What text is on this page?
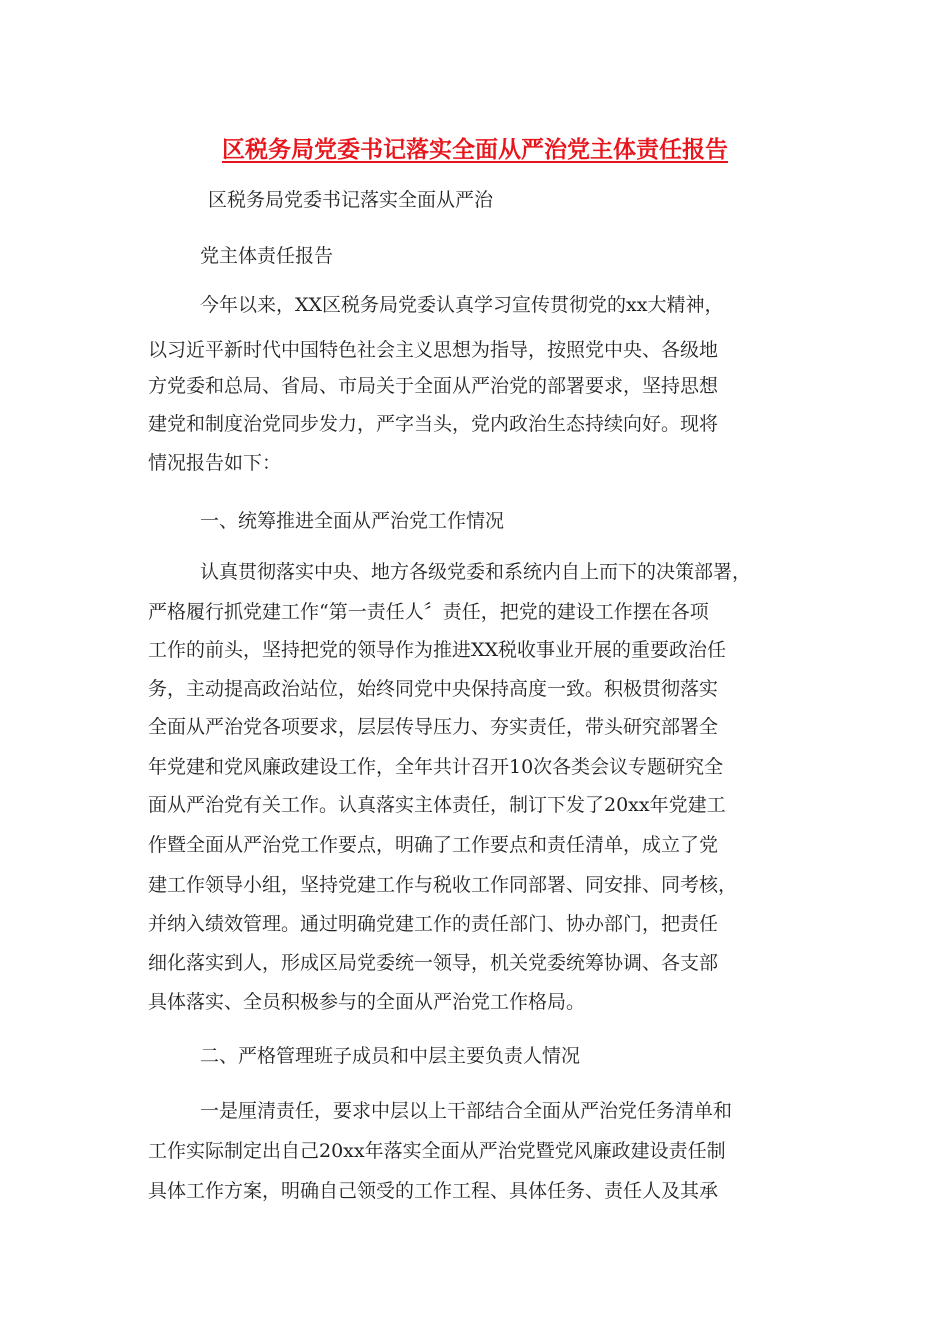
区税务局党委书记落实全面从严治党主体责任报告
区税务局党委书记落实全面从严治
党主体责任报告
今年以来，XX区税务局党委认真学习宣传贯彻党的xx大精神，
以习近平新时代中国特色社会主义思想为指导，按照党中央、各级地
方党委和总局、省局、市局关于全面从严治党的部署要求，坚持思想
建党和制度治党同步发力，严字当头，党内政治生态持续向好。现将
情况报告如下：
一、统筹推进全面从严治党工作情况
认真贯彻落实中央、地方各级党委和系统内自上而下的决策部署，
严格履行抓党建工作“第一责任人〞责任，把党的建设工作摆在各项
工作的前头，坚持把党的领导作为推进XX税收事业开展的重要政治任
务，主动提高政治站位，始终同党中央保持高度一致。积极贯彻落实
全面从严治党各项要求，层层传导压力、夯实责任，带头研究部署全
年党建和党风廉政建设工作，全年共计召开10次各类会议专题研究全
面从严治党有关工作。认真落实主体责任，制订下发了20xx年党建工
作暨全面从严治党工作要点，明确了工作要点和责任清单，成立了党
建工作领导小组，坚持党建工作与税收工作同部署、同安排、同考核，
并纳入绩效管理。通过明确党建工作的责任部门、协办部门，把责任
细化落实到人，形成区局党委统一领导，机关党委统筹协调、各支部
具体落实、全员积极参与的全面从严治党工作格局。
二、严格管理班子成员和中层主要负责人情况
一是厘清责任，要求中层以上干部结合全面从严治党任务清单和
工作实际制定出自己20xx年落实全面从严治党暨党风廉政建设责任制
具体工作方案，明确自己领受的工作工程、具体任务、责任人及其承
